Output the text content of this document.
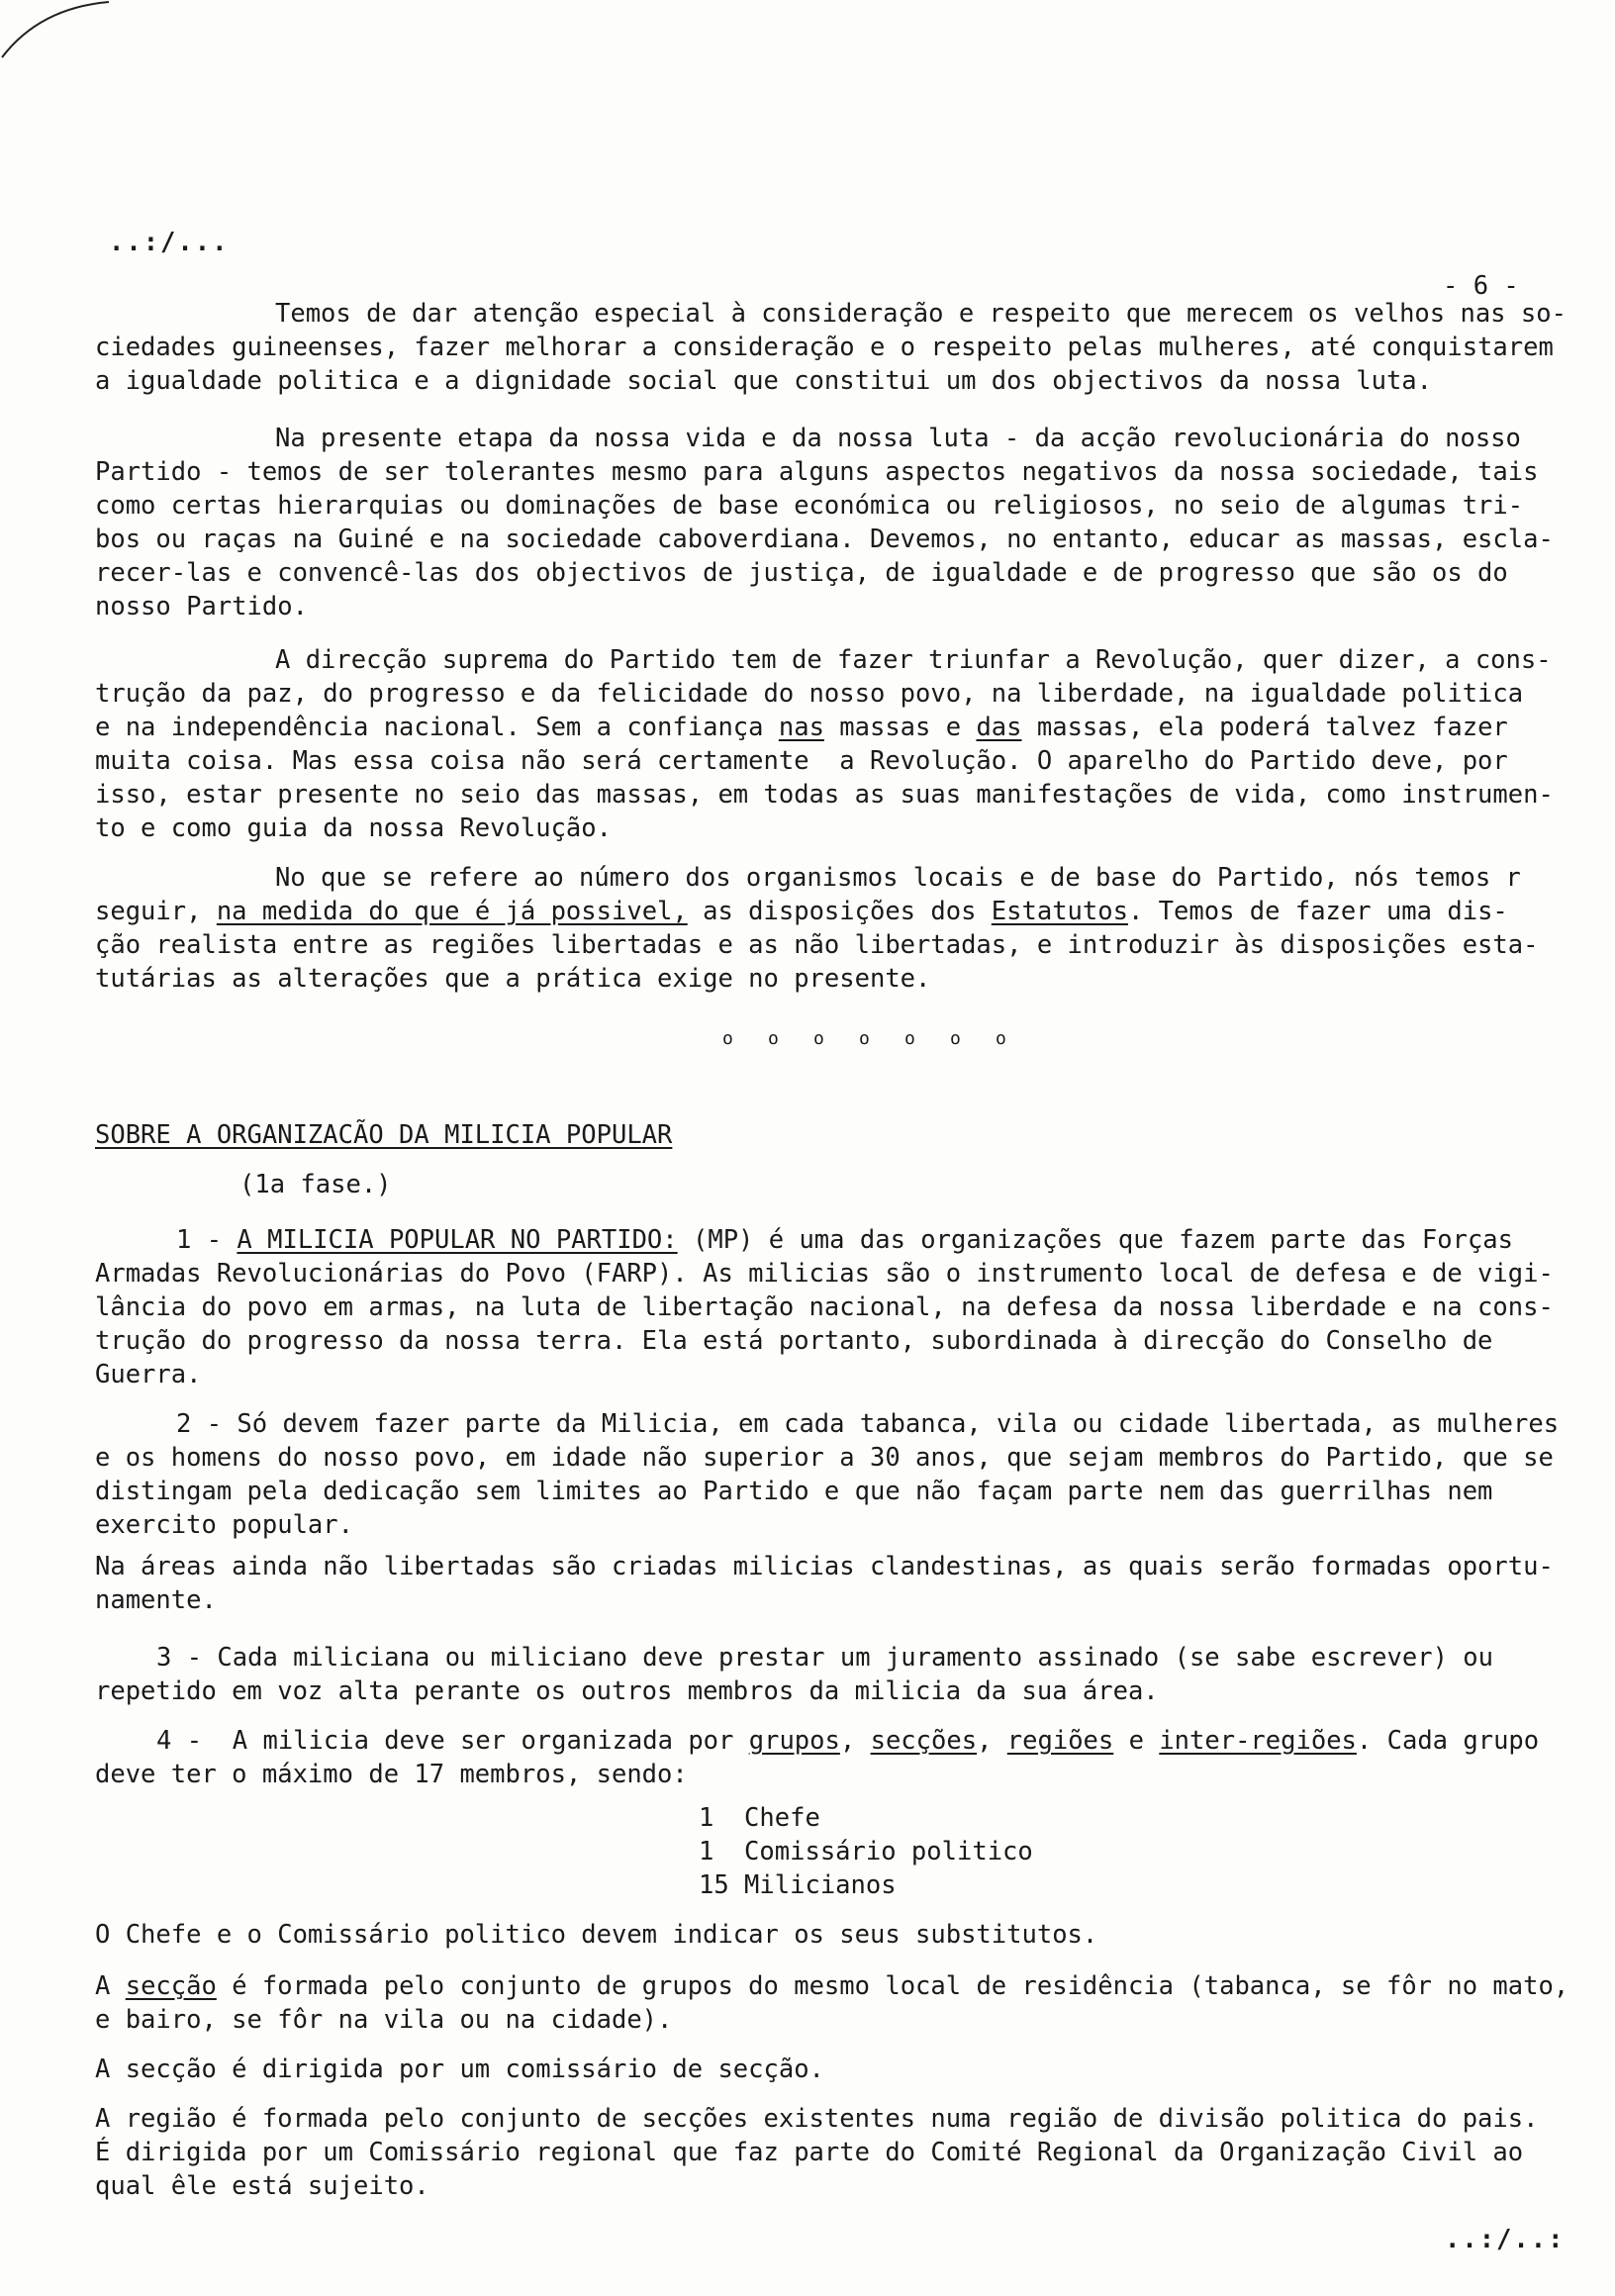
..:/...
- 6 -
Temos de dar atenção especial à consideração e respeito que merecem os velhos nas so-
ciedades guineenses, fazer melhorar a consideração e o respeito pelas mulheres, até conquistarem
a igualdade politica e a dignidade social que constitui um dos objectivos da nossa luta.
Na presente etapa da nossa vida e da nossa luta - da acção revolucionária do nosso
Partido - temos de ser tolerantes mesmo para alguns aspectos negativos da nossa sociedade, tais
como certas hierarquias ou dominações de base económica ou religiosos, no seio de algumas tri-
bos ou raças na Guiné e na sociedade caboverdiana. Devemos, no entanto, educar as massas, escla-
recer-las e convencê-las dos objectivos de justiça, de igualdade e de progresso que são os do
nosso Partido.
A direcção suprema do Partido tem de fazer triunfar a Revolução, quer dizer, a cons-
trução da paz, do progresso e da felicidade do nosso povo, na liberdade, na igualdade politica
e na independência nacional. Sem a confiança nas massas e das massas, ela poderá talvez fazer
muita coisa. Mas essa coisa não será certamente  a Revolução. O aparelho do Partido deve, por
isso, estar presente no seio das massas, em todas as suas manifestações de vida, como instrumen-
to e como guia da nossa Revolução.
No que se refere ao número dos organismos locais e de base do Partido, nós temos r
seguir, na medida do que é já possivel, as disposições dos Estatutos. Temos de fazer uma dis-
ção realista entre as regiões libertadas e as não libertadas, e introduzir às disposições esta-
tutárias as alterações que a prática exige no presente.
o o o o o o o
SOBRE A ORGANIZACÃO DA MILICIA POPULAR
(1a fase.)
1 - A MILICIA POPULAR NO PARTIDO: (MP) é uma das organizações que fazem parte das Forças
Armadas Revolucionárias do Povo (FARP). As milicias são o instrumento local de defesa e de vigi-
lância do povo em armas, na luta de libertação nacional, na defesa da nossa liberdade e na cons-
trução do progresso da nossa terra. Ela está portanto, subordinada à direcção do Conselho de
Guerra.
2 - Só devem fazer parte da Milicia, em cada tabanca, vila ou cidade libertada, as mulheres
e os homens do nosso povo, em idade não superior a 30 anos, que sejam membros do Partido, que se
distingam pela dedicação sem limites ao Partido e que não façam parte nem das guerrilhas nem
exercito popular.
Na áreas ainda não libertadas são criadas milicias clandestinas, as quais serão formadas oportu-
namente.
3 - Cada miliciana ou miliciano deve prestar um juramento assinado (se sabe escrever) ou
repetido em voz alta perante os outros membros da milicia da sua área.
4 -  A milicia deve ser organizada por grupos, secções, regiões e inter-regiões. Cada grupo
deve ter o máximo de 17 membros, sendo:
1  Chefe
1  Comissário politico
15 Milicianos
O Chefe e o Comissário politico devem indicar os seus substitutos.
A secção é formada pelo conjunto de grupos do mesmo local de residência (tabanca, se fôr no mato,
e bairo, se fôr na vila ou na cidade).
A secção é dirigida por um comissário de secção.
A região é formada pelo conjunto de secções existentes numa região de divisão politica do pais.
É dirigida por um Comissário regional que faz parte do Comité Regional da Organização Civil ao
qual êle está sujeito.
..:/..:
